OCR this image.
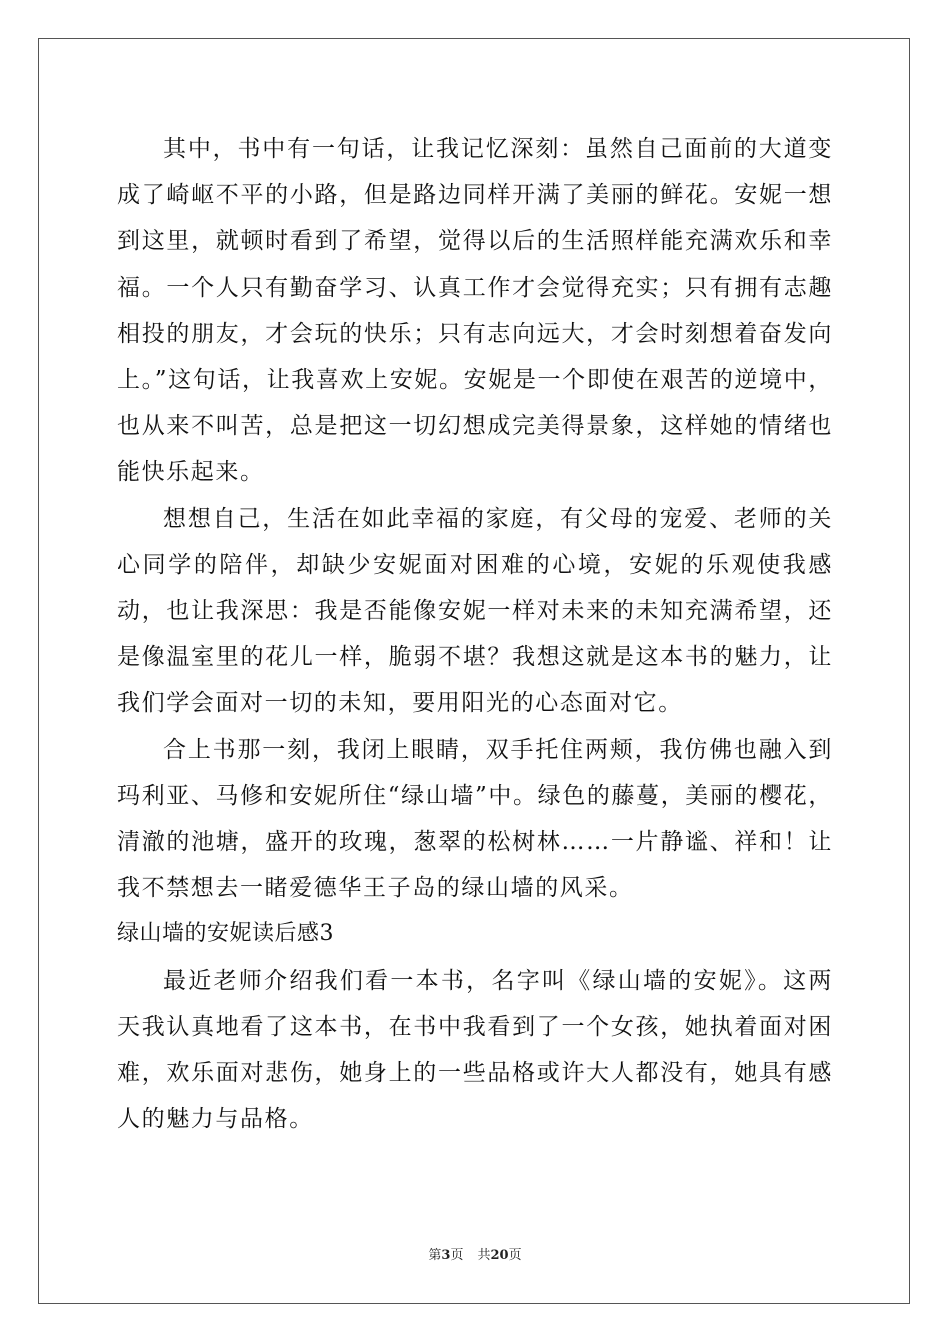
其中，书中有一句话，让我记忆深刻：虽然自己面前的大道变成了崎岖不平的小路，但是路边同样开满了美丽的鲜花。安妮一想到这里，就顿时看到了希望，觉得以后的生活照样能充满欢乐和幸福。一个人只有勤奋学习、认真工作才会觉得充实；只有拥有志趣相投的朋友，才会玩的快乐；只有志向远大，才会时刻想着奋发向上。”这句话，让我喜欢上安妮。安妮是一个即使在艰苦的逆境中，也从来不叫苦，总是把这一切幻想成完美得景象，这样她的情绪也能快乐起来。

想想自己，生活在如此幸福的家庭，有父母的宠爱、老师的关心同学的陪伴，却缺少安妮面对困难的心境，安妮的乐观使我感动，也让我深思：我是否能像安妮一样对未来的未知充满希望，还是像温室里的花儿一样，脆弱不堪？我想这就是这本书的魅力，让我们学会面对一切的未知，要用阳光的心态面对它。

合上书那一刻，我闭上眼睛，双手托住两颊，我仿佛也融入到玛利亚、马修和安妮所住“绿山墙”中。绿色的藤蔓，美丽的樱花，清澈的池塘，盛开的玫瑰，葱翠的松树林……一片静谧、祥和！让我不禁想去一睹爱德华王子岛的绿山墙的风采。

绿山墙的安妮读后感3

最近老师介绍我们看一本书，名字叫《绿山墙的安妮》。这两天我认真地看了这本书，在书中我看到了一个女孩，她执着面对困难，欢乐面对悲伤，她身上的一些品格或许大人都没有，她具有感人的魅力与品格。

第3页 共20页
